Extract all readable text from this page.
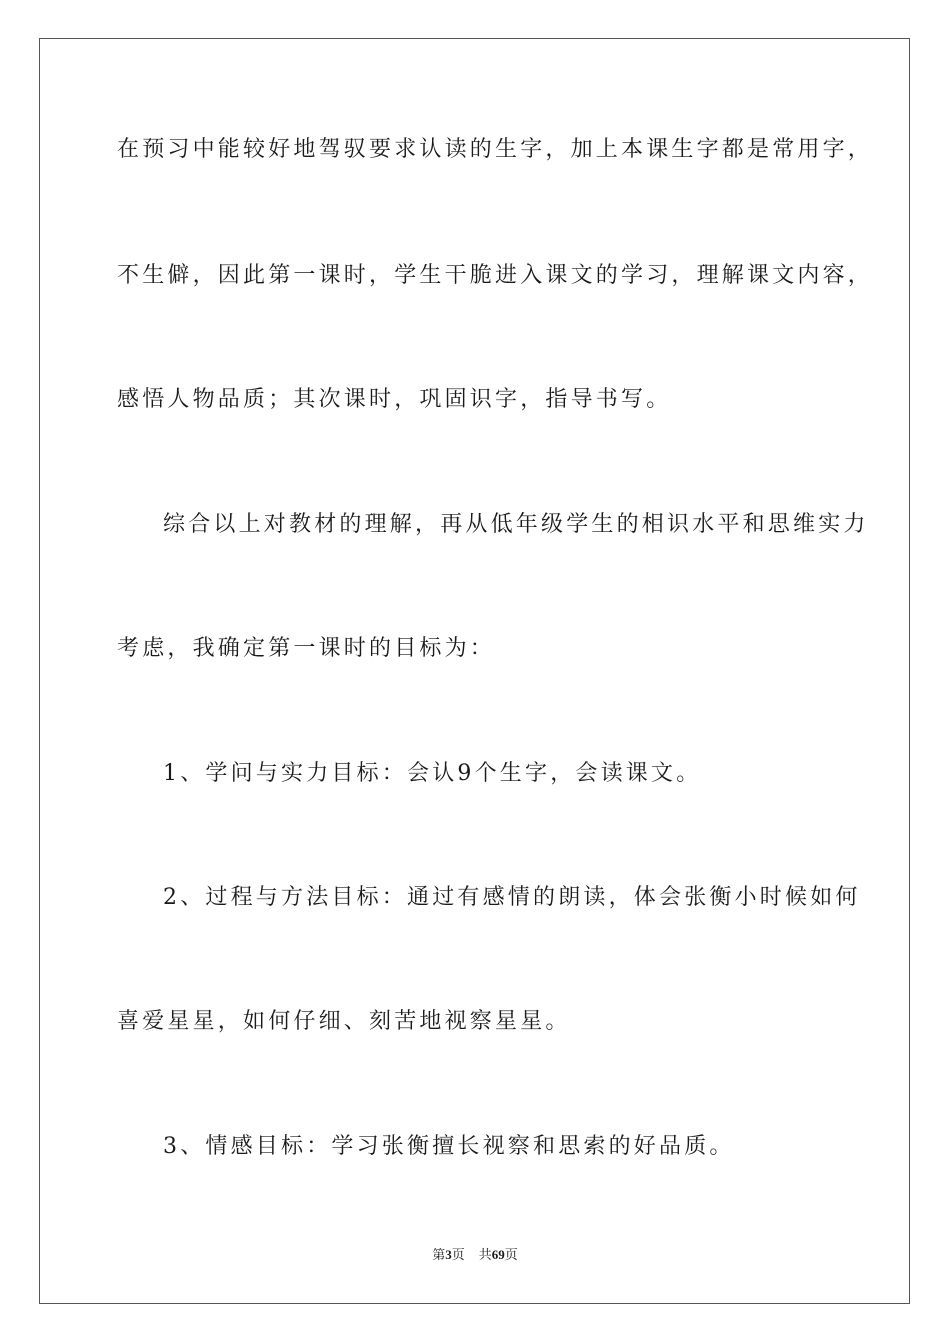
在预习中能较好地驾驭要求认读的生字，加上本课生字都是常用字，
不生僻，因此第一课时，学生干脆进入课文的学习，理解课文内容，
感悟人物品质；其次课时，巩固识字，指导书写。
综合以上对教材的理解，再从低年级学生的相识水平和思维实力
考虑，我确定第一课时的目标为：
1、学问与实力目标：会认9个生字，会读课文。
2、过程与方法目标：通过有感情的朗读，体会张衡小时候如何
喜爱星星，如何仔细、刻苦地视察星星。
3、情感目标：学习张衡擅长视察和思索的好品质。
第3页 共69页
